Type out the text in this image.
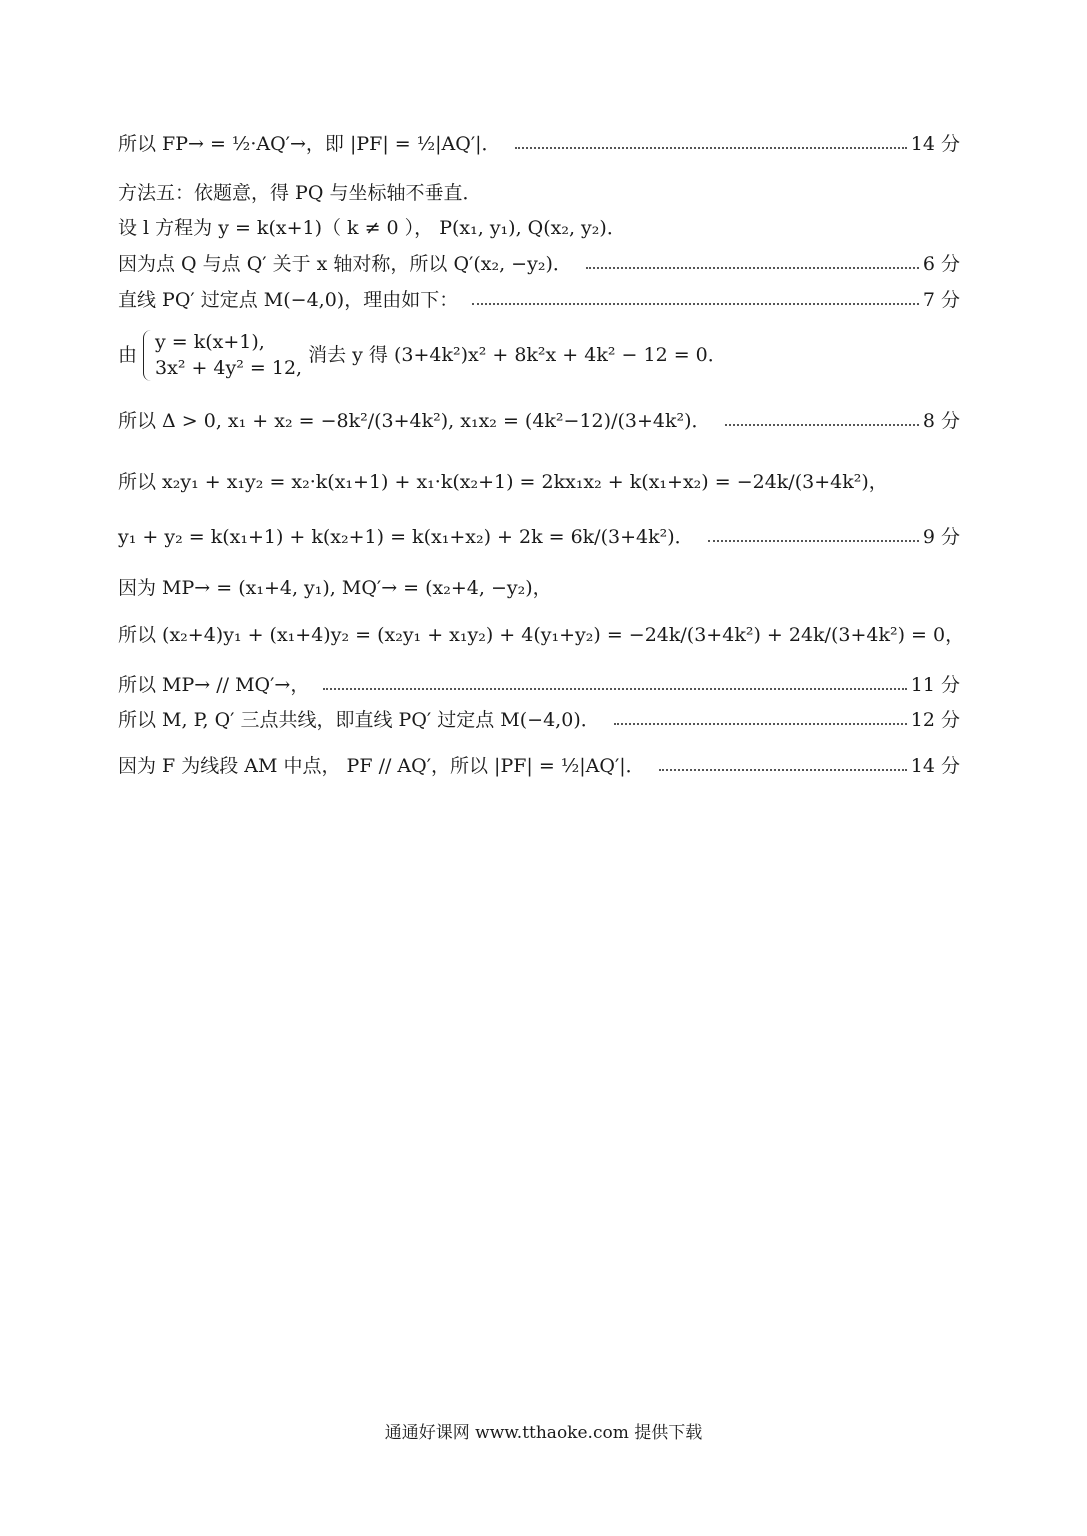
所以 FP→ = ½·AQ′→，即 |PF| = ½|AQ′|．	14 分
方法五：依题意，得 PQ 与坐标轴不垂直．
设 l 方程为 y = k(x+1)（ k ≠ 0 ）， P(x₁, y₁), Q(x₂, y₂)．
因为点 Q 与点 Q′ 关于 x 轴对称，所以 Q′(x₂, −y₂)．	6 分
直线 PQ′ 过定点 M(−4,0)，理由如下：	7 分
由
y = k(x+1),
3x² + 4y² = 12,
消去 y 得 (3+4k²)x² + 8k²x + 4k² − 12 = 0．
所以 Δ > 0, x₁ + x₂ = −8k²/(3+4k²), x₁x₂ = (4k²−12)/(3+4k²)．	8 分
所以 x₂y₁ + x₁y₂ = x₂·k(x₁+1) + x₁·k(x₂+1) = 2kx₁x₂ + k(x₁+x₂) = −24k/(3+4k²)，
y₁ + y₂ = k(x₁+1) + k(x₂+1) = k(x₁+x₂) + 2k = 6k/(3+4k²)．	9 分
因为 MP→ = (x₁+4, y₁), MQ′→ = (x₂+4, −y₂)，
所以 (x₂+4)y₁ + (x₁+4)y₂ = (x₂y₁ + x₁y₂) + 4(y₁+y₂) = −24k/(3+4k²) + 24k/(3+4k²) = 0，
所以 MP→ // MQ′→，	11 分
所以 M, P, Q′ 三点共线，即直线 PQ′ 过定点 M(−4,0)．	12 分
因为 F 为线段 AM 中点， PF // AQ′，所以 |PF| = ½|AQ′|．	14 分
通通好课网 www.tthaoke.com 提供下载
